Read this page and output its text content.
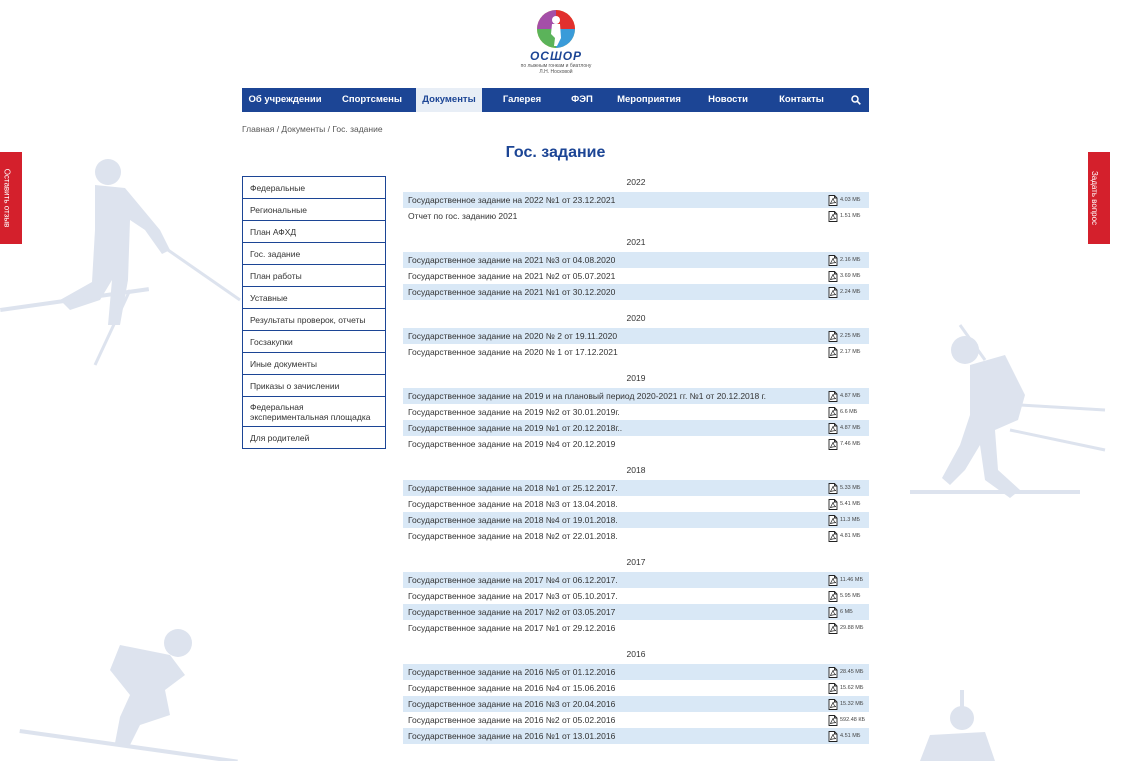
☆
Оставить отзыв	?
Задать вопрос
ОСШОР
по лыжным гонкам и биатлону
Л.Н. Носковой
Об учреждении	Спортсмены	Документы	Галерея	ФЭП	Мероприятия	Новости	Контакты
Главная / Документы / Гос. задание
Гос. задание
Федеральные
Региональные
План АФХД
Гос. задание
План работы
Уставные
Результаты проверок, отчеты
Госзакупки
Иные документы
Приказы о зачислении
Федеральная экспериментальная площадка
Для родителей
2022
Государственное задание на 2022 №1 от 23.12.2021	4.03 МБ
Отчет по гос. заданию 2021	1.51 МБ
2021
Государственное задание на 2021 №3 от 04.08.2020	2.16 МБ
Государственное задание на 2021 №2 от 05.07.2021	3.69 МБ
Государственное задание на 2021 №1 от 30.12.2020	2.24 МБ
2020
Государственное задание на 2020 № 2 от 19.11.2020	2.25 МБ
Государственное задание на 2020 № 1 от 17.12.2021	2.17 МБ
2019
Государственное задание на 2019 и на плановый период 2020-2021 гг. №1 от 20.12.2018 г.	4.87 МБ
Государственное задание на 2019 №2 от 30.01.2019г.	6.6 МБ
Государственное задание на 2019 №1 от 20.12.2018г..	4.87 МБ
Государственное задание на 2019 №4 от 20.12.2019	7.46 МБ
2018
Государственное задание на 2018 №1 от 25.12.2017.	5.33 МБ
Государственное задание на 2018 №3 от 13.04.2018.	5.41 МБ
Государственное задание на 2018 №4 от 19.01.2018.	11.3 МБ
Государственное задание на 2018 №2 от 22.01.2018.	4.81 МБ
2017
Государственное задание на 2017 №4 от 06.12.2017.	11.46 МБ
Государственное задание на 2017 №3 от 05.10.2017.	5.95 МБ
Государственное задание на 2017 №2 от 03.05.2017	6 МБ
Государственное задание на 2017 №1 от 29.12.2016	29.88 МБ
2016
Государственное задание на 2016 №5 от 01.12.2016	28.45 МБ
Государственное задание на 2016 №4 от 15.06.2016	15.62 МБ
Государственное задание на 2016 №3 от 20.04.2016	15.32 МБ
Государственное задание на 2016 №2 от 05.02.2016	592.48 КБ
Государственное задание на 2016 №1 от 13.01.2016	4.51 МБ
